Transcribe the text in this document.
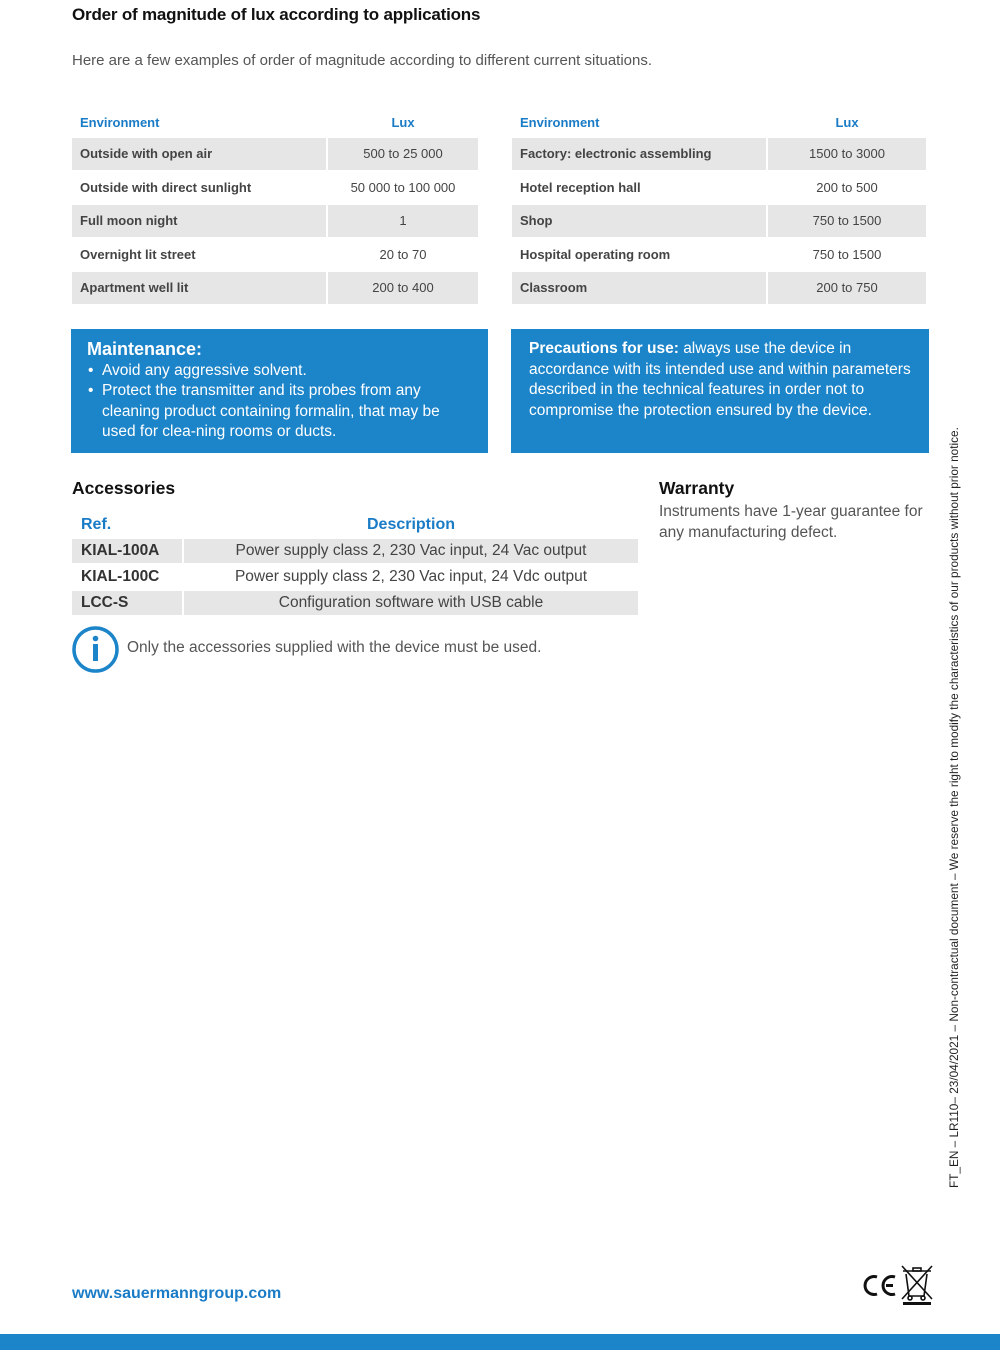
Order of magnitude of lux according to applications
Here are a few examples of order of magnitude according to different current situations.
Environment	Lux
Outside with open air	500 to 25 000
Outside with direct sunlight	50 000 to 100 000
Full moon night	1
Overnight lit street	20 to 70
Apartment well lit	200 to 400
Environment	Lux
Factory: electronic assembling	1500 to 3000
Hotel reception hall	200 to 500
Shop	750 to 1500
Hospital operating room	750 to 1500
Classroom	200 to 750
Maintenance:
• Avoid any aggressive solvent.
• Protect the transmitter and its probes from any cleaning product containing formalin, that may be used for clea-ning rooms or ducts.
Precautions for use: always use the device in accordance with its intended use and within parameters described in the technical features in order not to compromise the protection ensured by the device.
Accessories
Ref.		Description
KIAL-100A		Power supply class 2, 230 Vac input, 24 Vac output
KIAL-100C		Power supply class 2, 230 Vac input, 24 Vdc output
LCC-S		Configuration software with USB cable
Only the accessories supplied with the device must be used.
Warranty
Instruments have 1-year guarantee for any manufacturing defect.	FT_EN – LR110– 23/04/2021 – Non-contractual document – We reserve the right to modify the characteristics of our products without prior notice.
www.sauermanngroup.com
